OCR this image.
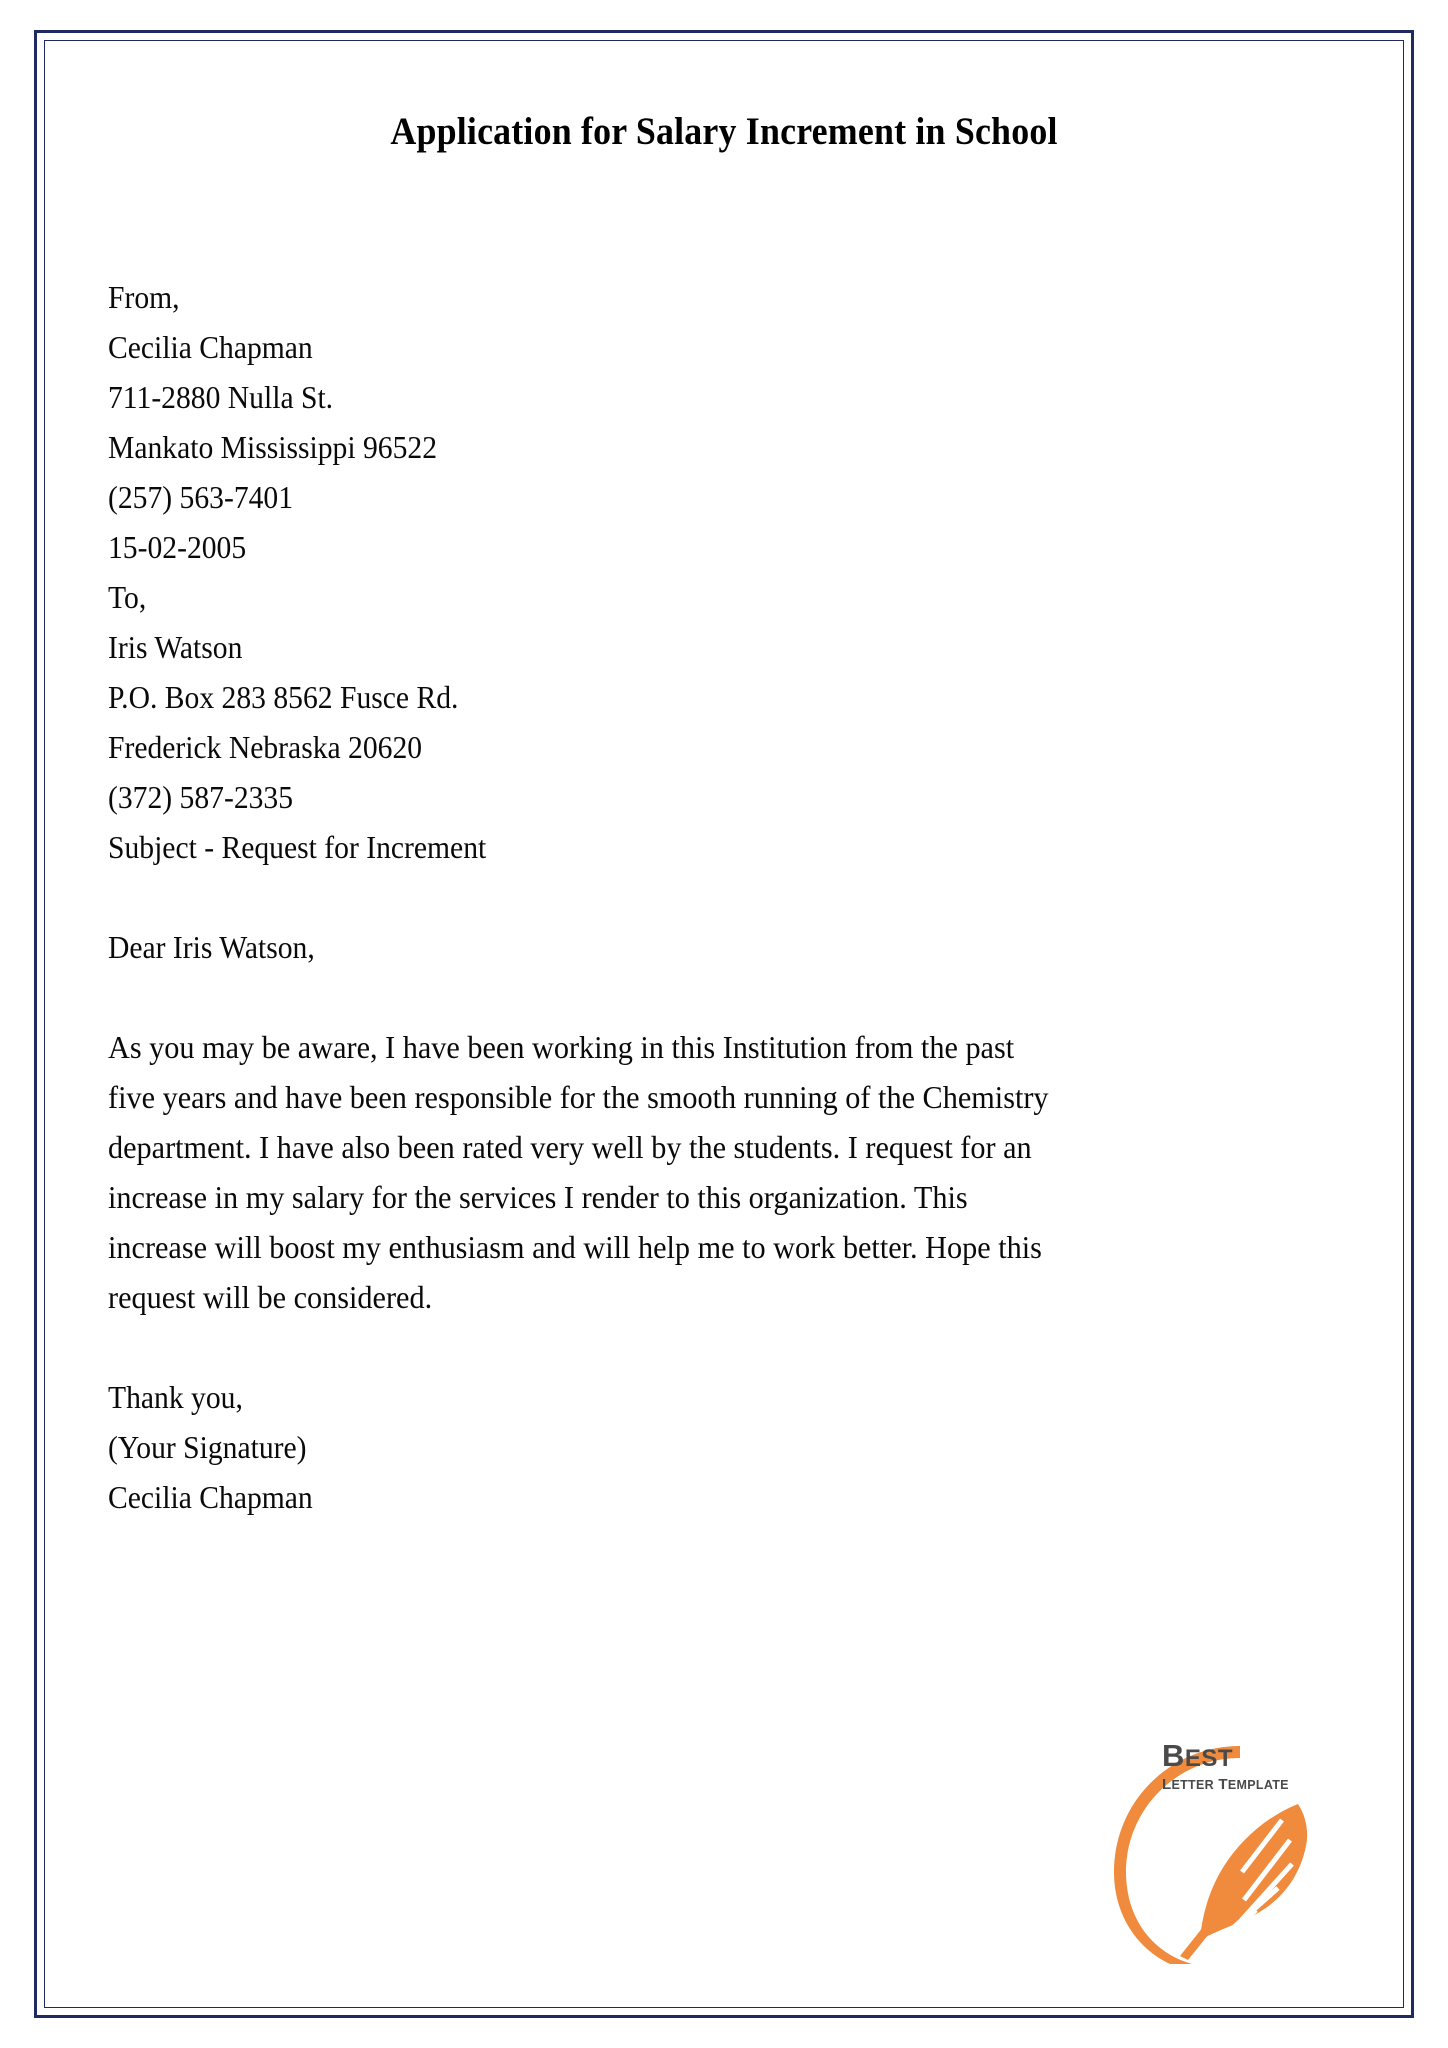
Application for Salary Increment in School
From,
Cecilia Chapman
711-2880 Nulla St.
Mankato Mississippi 96522
(257) 563-7401
15-02-2005
To,
Iris Watson
P.O. Box 283 8562 Fusce Rd.
Frederick Nebraska 20620
(372) 587-2335
Subject - Request for Increment
Dear Iris Watson,

As you may be aware, I have been working in this Institution from the past five years and have been responsible for the smooth running of the Chemistry department. I have also been rated very well by the students. I request for an increase in my salary for the services I render to this organization. This increase will boost my enthusiasm and will help me to work better. Hope this request will be considered.

Thank you,
(Your Signature)
Cecilia Chapman
BEST
LETTER TEMPLATE
